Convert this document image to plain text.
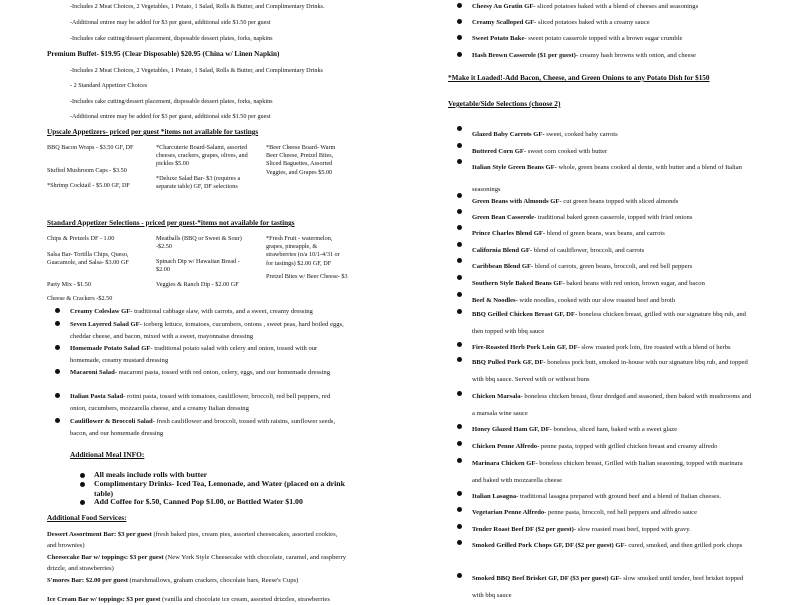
-Includes 2 Meat Choices, 2 Vegetables, 1 Potato, 1 Salad, Rolls & Butter, and Complimentary Drinks.
-Additional entree may be added for $3 per guest, additional side $1.50 per guest
-Includes cake cutting/dessert placement, disposable dessert plates, forks, napkins
Premium Buffet- $19.95 (Clear Disposable) $20.95 (China w/ Linen Napkin)
-Includes 2 Meat Choices, 2 Vegetables, 1 Potato, 1 Salad, Rolls & Butter, and Complimentary Drinks
- 2 Standard Appetizer Choices
-Includes cake cutting/dessert placement, disposable dessert plates, forks, napkins
-Additional entree may be added for $3 per guest, additional side $1.50 per guest
Upscale Appetizers- priced per guest *items not available for tastings
BBQ Bacon Wraps - $3.50 GF, DF
Stuffed Mushroom Caps - $3.50
*Shrimp Cocktail - $5.00 GF, DF
*Charcuterie Board-Salami, assorted cheeses, crackers, grapes, olives, and pickles $5.00
*Deluxe Salad Bar- $3 (requires a separate table) GF, DF selections
*Beer Cheese Board- Warm Beer Cheese, Pretzel Bites, Sliced Baguettes, Assorted Veggies, and Grapes $5.00
Standard Appetizer Selections - priced per guest-*items not available for tastings
Chips & Pretzels DF - 1.00
Salsa Bar- Tortilla Chips, Queso, Guacamole, and Salsa- $3.00 GF
Party Mix - $1.50
Cheese & Crackers -$2.50
Meatballs (BBQ or Sweet & Sour) -$2.50
Spinach Dip w/ Hawaiian Bread - $2.00
Veggies & Ranch Dip - $2.00 GF
*Fresh Fruit - watermelon, grapes, pineapple, & strawberries (n/a 10/1-4/31 or for tastings) $2.00 GF, DF
Pretzel Bites w/ Beer Cheese- $3
Creamy Coleslaw GF- traditional cabbage slaw, with carrots, and a sweet, creamy dressing
Seven Layered Salad GF- iceberg lettuce, tomatoes, cucumbers, onions , sweet peas, hard boiled eggs, cheddar cheese, and bacon, mixed with a sweet, mayonnaise dressing
Homemade Potato Salad GF- traditional potato salad with celery and onion, tossed with our homemade, creamy mustard dressing
Macaroni Salad- macaroni pasta, tossed with red onion, celery, eggs, and our homemade dressing
Italian Pasta Salad- rotini pasta, tossed with tomatoes, cauliflower, broccoli, red bell peppers, red onion, cucumbers, mozzarella cheese, and a creamy Italian dressing
Cauliflower & Broccoli Salad- fresh cauliflower and broccoli, tossed with raisins, sunflower seeds, bacon, and our homemade dressing
Additional Meal INFO:
All meals include rolls with butter
Complimentary Drinks- Iced Tea, Lemonade, and Water (placed on a drink table)
Add Coffee for $.50, Canned Pop $1.00, or Bottled Water $1.00
Additional Food Services:
Dessert Assortment Bar: $3 per guest (fresh baked pies, cream pies, assorted cheesecakes, assorted cookies, and brownies)
Cheesecake Bar w/ toppings: $3 per guest (New York Style Cheesecake with chocolate, caramel, and raspberry drizzle, and strawberries)
S'mores Bar: $2.00 per guest (marshmallows, graham crackers, chocolate bars, Reese's Cups)
Ice Cream Bar w/ toppings: $3 per guest (vanilla and chocolate ice cream, assorted drizzles, strawberries
Cheesy Au Gratin GF- sliced potatoes baked with a blend of cheeses and seasonings
Creamy Scalloped GF- sliced potatoes baked with a creamy sauce
Sweet Potato Bake- sweet potato casserole topped with a brown sugar crumble
Hash Brown Casserole ($1 per guest)- creamy hash browns with onion, and cheese
*Make it Loaded!-Add Bacon, Cheese, and Green Onions to any Potato Dish for $150
Vegetable/Side Selections (choose 2)
Glazed Baby Carrots GF- sweet, cooked baby carrots
Buttered Corn GF- sweet corn cooked with butter
Italian Style Green Beans GF- whole, green beans cooked al dente, with butter and a blend of Italian seasonings
Green Beans with Almonds GF- cut green beans topped with sliced almonds
Green Bean Casserole- traditional baked green casserole, topped with fried onions
Prince Charles Blend GF- blend of green beans, wax beans, and carrots
California Blend GF- blend of cauliflower, broccoli, and carrots
Caribbean Blend GF- blend of carrots, green beans, broccoli, and red bell peppers
Southern Style Baked Beans GF- baked beans with red onion, brown sugar, and bacon
Beef & Noodles- wide noodles, cooked with our slow roasted beef and broth
BBQ Grilled Chicken Breast GF, DF- boneless chicken breast, grilled with our signature bbq rub, and then topped with bbq sauce
Fire-Roasted Herb Pork Loin GF, DF- slow roasted pork loin, fire roasted with a blend of herbs
BBQ Pulled Pork GF, DF- boneless pork butt, smoked in-house with our signature bbq rub, and topped with bbq sauce. Served with or without buns
Chicken Marsala- boneless chicken breast, flour dredged and seasoned, then baked with mushrooms and a marsala wine sauce
Honey Glazed Ham GF, DF- boneless, sliced ham, baked with a sweet glaze
Chicken Penne Alfredo- penne pasta, topped with grilled chicken breast and creamy alfredo
Marinara Chicken GF- boneless chicken breast, Grilled with Italian seasoning, topped with marinara and baked with mozzarella cheese
Italian Lasagna- traditional lasagna prepared with ground beef and a blend of Italian cheeses.
Vegetarian Penne Alfredo- penne pasta, broccoli, red bell peppers and alfredo sauce
Tender Roast Beef DF ($2 per guest)- slow roasted roast beef, topped with gravy.
Smoked Grilled Pork Chops GF, DF ($2 per guest) GF- cured, smoked, and then grilled pork chops
Smoked BBQ Beef Brisket GF, DF ($3 per guest) GF- slow smoked until tender, beef brisket topped with bbq sauce
